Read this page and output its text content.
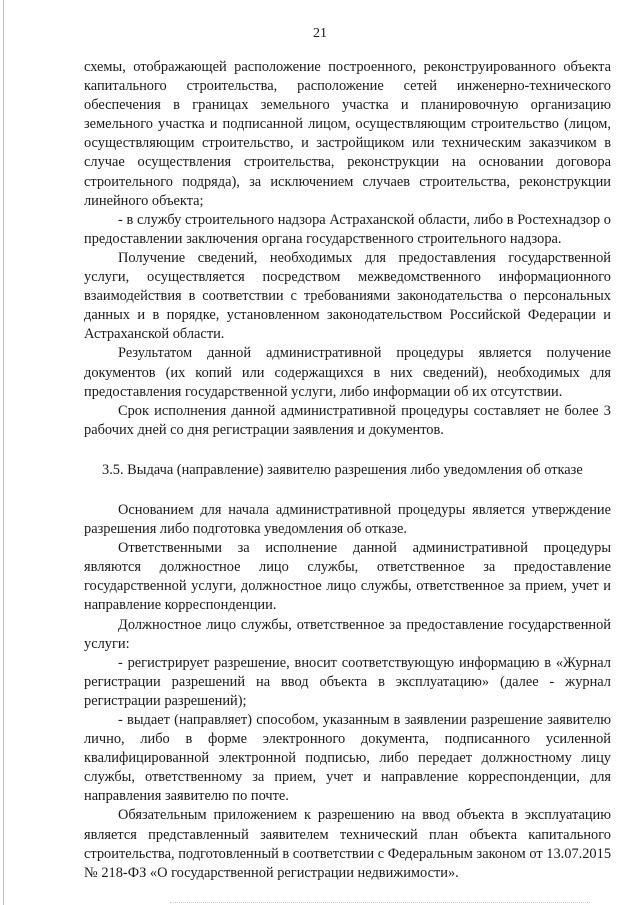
21

схемы, отображающей расположение построенного, реконструированного объекта капитального строительства, расположение сетей инженерно-технического обеспечения в границах земельного участка и планировочную организацию земельного участка и подписанной лицом, осуществляющим строительство (лицом, осуществляющим строительство, и застройщиком или техническим заказчиком в случае осуществления строительства, реконструкции на основании договора строительного подряда), за исключением случаев строительства, реконструкции линейного объекта;

- в службу строительного надзора Астраханской области, либо в Ростехнадзор о предоставлении заключения органа государственного строительного надзора.

Получение сведений, необходимых для предоставления государственной услуги, осуществляется посредством межведомственного информационного взаимодействия в соответствии с требованиями законодательства о персональных данных и в порядке, установленном законодательством Российской Федерации и Астраханской области.

Результатом данной административной процедуры является получение документов (их копий или содержащихся в них сведений), необходимых для предоставления государственной услуги, либо информации об их отсутствии.

Срок исполнения данной административной процедуры составляет не более 3 рабочих дней со дня регистрации заявления и документов.

3.5. Выдача (направление) заявителю разрешения либо уведомления об отказе

Основанием для начала административной процедуры является утверждение разрешения либо подготовка уведомления об отказе.

Ответственными за исполнение данной административной процедуры являются должностное лицо службы, ответственное за предоставление государственной услуги, должностное лицо службы, ответственное за прием, учет и направление корреспонденции.

Должностное лицо службы, ответственное за предоставление государственной услуги:

- регистрирует разрешение, вносит соответствующую информацию в «Журнал регистрации разрешений на ввод объекта в эксплуатацию» (далее - журнал регистрации разрешений);

- выдает (направляет) способом, указанным в заявлении разрешение заявителю лично, либо в форме электронного документа, подписанного усиленной квалифицированной электронной подписью, либо передает должностному лицу службы, ответственному за прием, учет и направление корреспонденции, для направления заявителю по почте.

Обязательным приложением к разрешению на ввод объекта в эксплуатацию является представленный заявителем технический план объекта капитального строительства, подготовленный в соответствии с Федеральным законом от 13.07.2015 № 218-ФЗ «О государственной регистрации недвижимости».
